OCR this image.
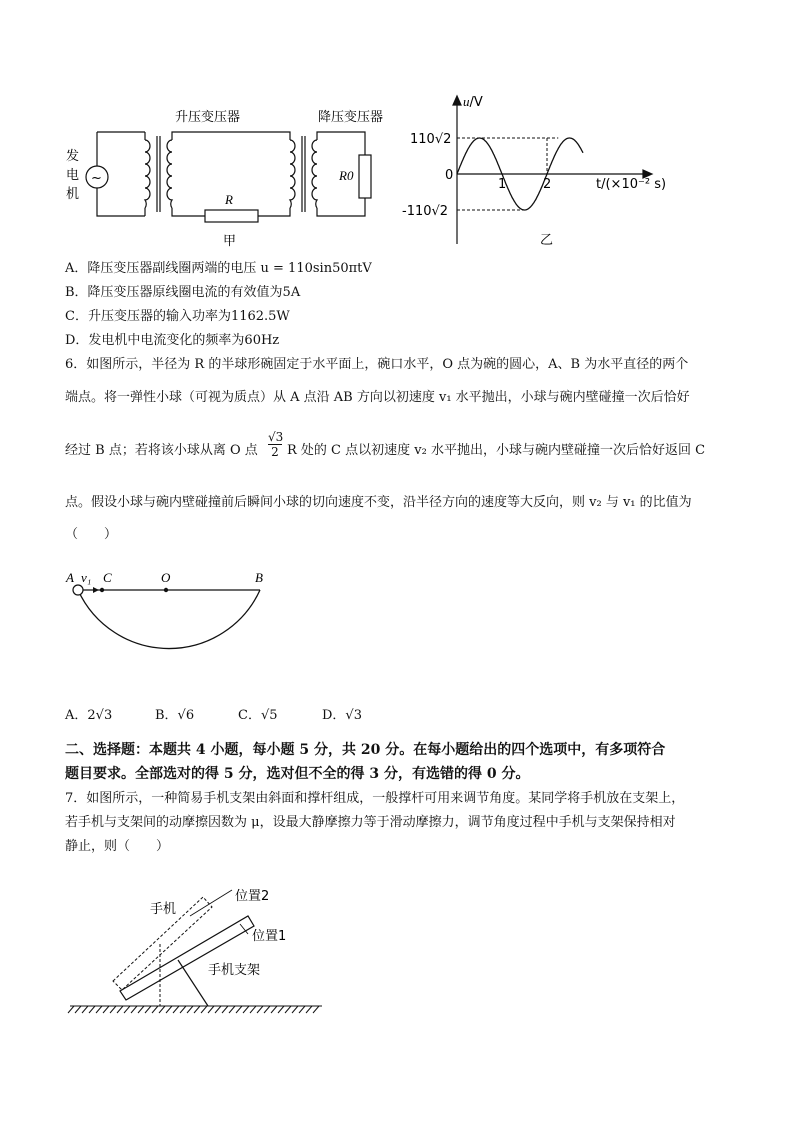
升压变压器	降压变压器
发
电
机
~
R
R0
甲
u/V
t/(×10⁻² s)
110√2
0
-110√2
1	2
乙
A．降压变压器副线圈两端的电压 u = 110sin50πtV
B．降压变压器原线圈电流的有效值为5A
C．升压变压器的输入功率为1162.5W
D．发电机中电流变化的频率为60Hz
6．如图所示，半径为 R 的半球形碗固定于水平面上，碗口水平，O 点为碗的圆心，A、B 为水平直径的两个
端点。将一弹性小球（可视为质点）从 A 点沿 AB 方向以初速度 v₁ 水平抛出，小球与碗内壁碰撞一次后恰好
经过 B 点；若将该小球从离 O 点 $\frac{√3}{2}$ R 处的 C 点以初速度 v₂ 水平抛出，小球与碗内壁碰撞一次后恰好返回 C
点。假设小球与碗内壁碰撞前后瞬间小球的切向速度不变，沿半径方向的速度等大反向，则 v₂ 与 v₁ 的比值为
（　　）
A v₁ C	O	B
A．2√3	B．√6	C．√5	D．√3
二、选择题：本题共 4 小题，每小题 5 分，共 20 分。在每小题给出的四个选项中，有多项符合
题目要求。全部选对的得 5 分，选对但不全的得 3 分，有选错的得 0 分。
7．如图所示，一种简易手机支架由斜面和撑杆组成，一般撑杆可用来调节角度。某同学将手机放在支架上，
若手机与支架间的动摩擦因数为 μ，设最大静摩擦力等于滑动摩擦力，调节角度过程中手机与支架保持相对
静止，则（　　）
手机
位置2
位置1
手机支架
